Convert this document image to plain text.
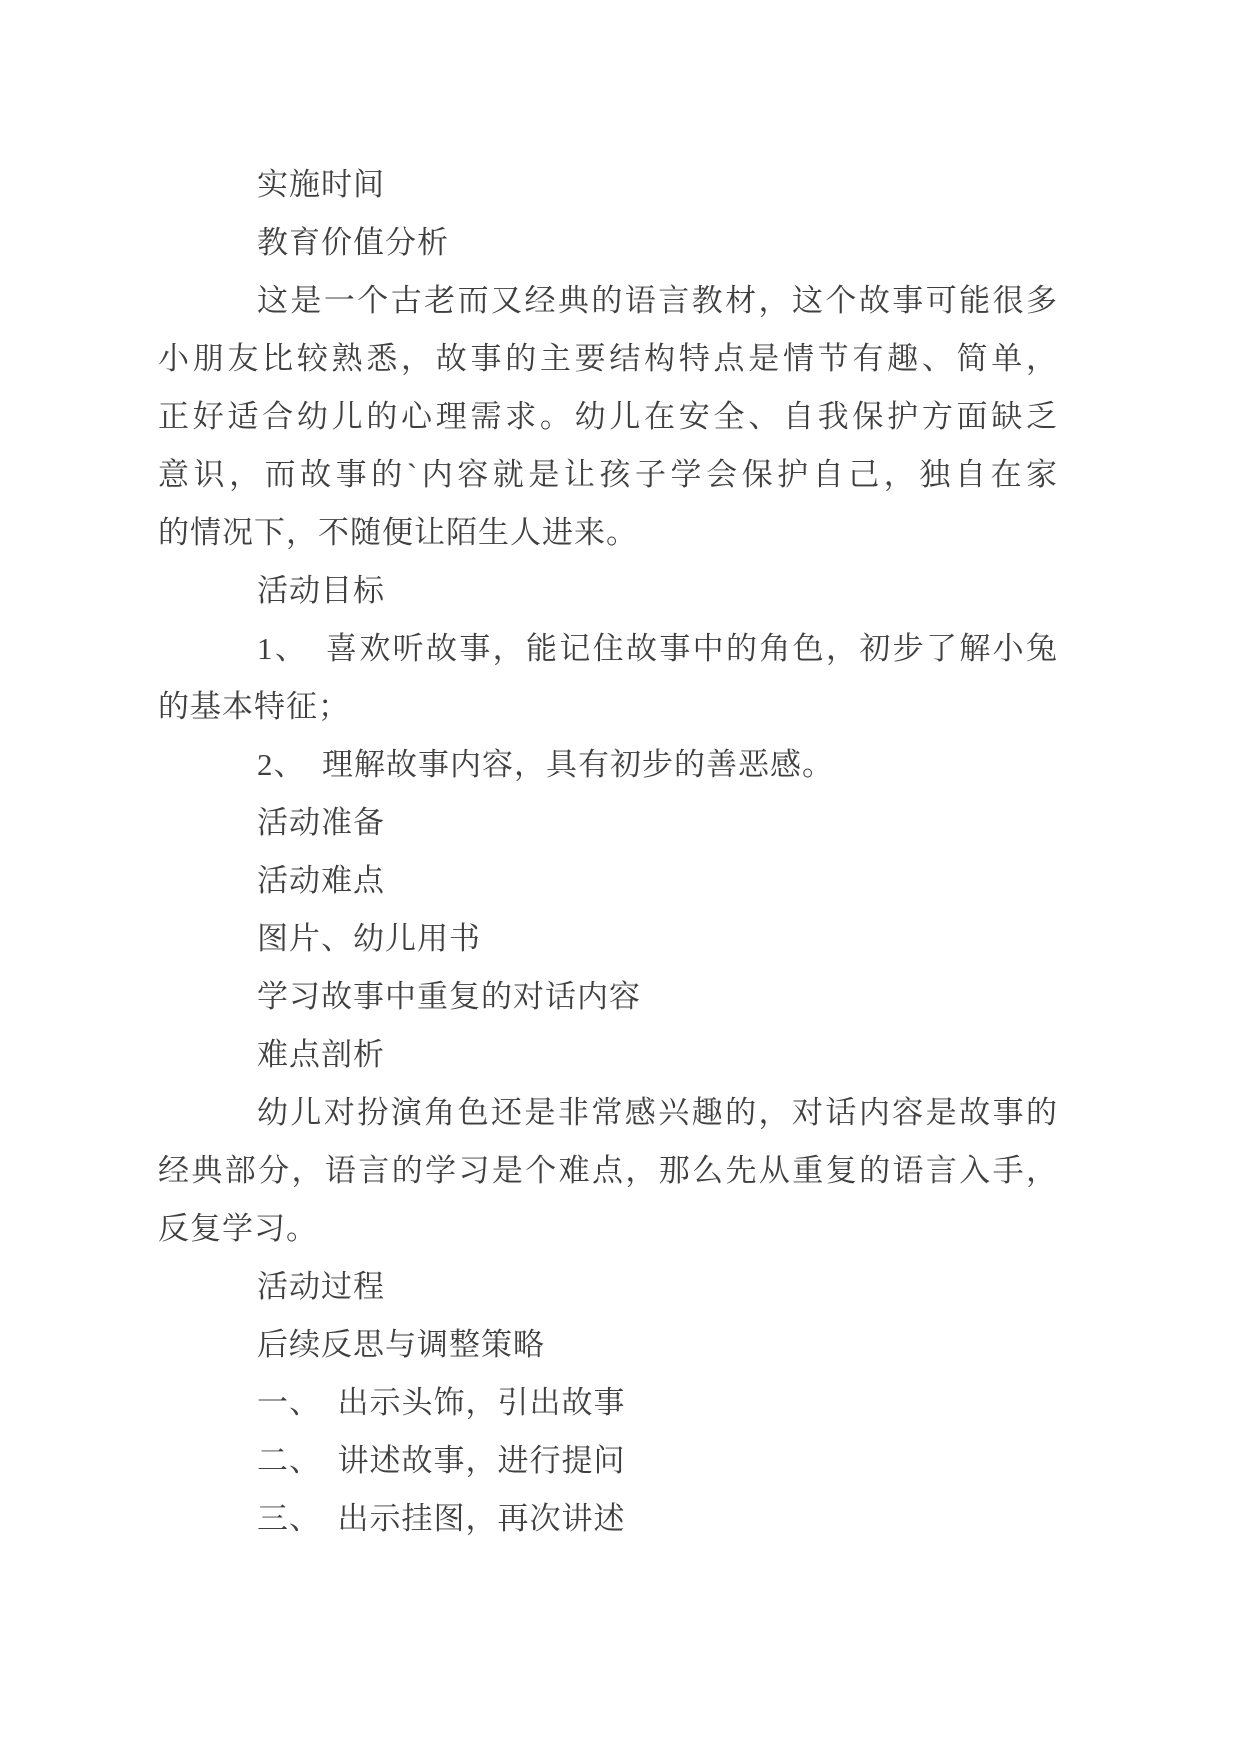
实施时间
教育价值分析
这是一个古老而又经典的语言教材，这个故事可能很多
小朋友比较熟悉，故事的主要结构特点是情节有趣、简单，
正好适合幼儿的心理需求。幼儿在安全、自我保护方面缺乏
意识，而故事的`内容就是让孩子学会保护自己，独自在家
的情况下，不随便让陌生人进来。
活动目标
1、　喜欢听故事，能记住故事中的角色，初步了解小兔
的基本特征；
2、　理解故事内容，具有初步的善恶感。
活动准备
活动难点
图片、幼儿用书
学习故事中重复的对话内容
难点剖析
幼儿对扮演角色还是非常感兴趣的，对话内容是故事的
经典部分，语言的学习是个难点，那么先从重复的语言入手，
反复学习。
活动过程
后续反思与调整策略
一、　出示头饰，引出故事
二、　讲述故事，进行提问
三、　出示挂图，再次讲述
